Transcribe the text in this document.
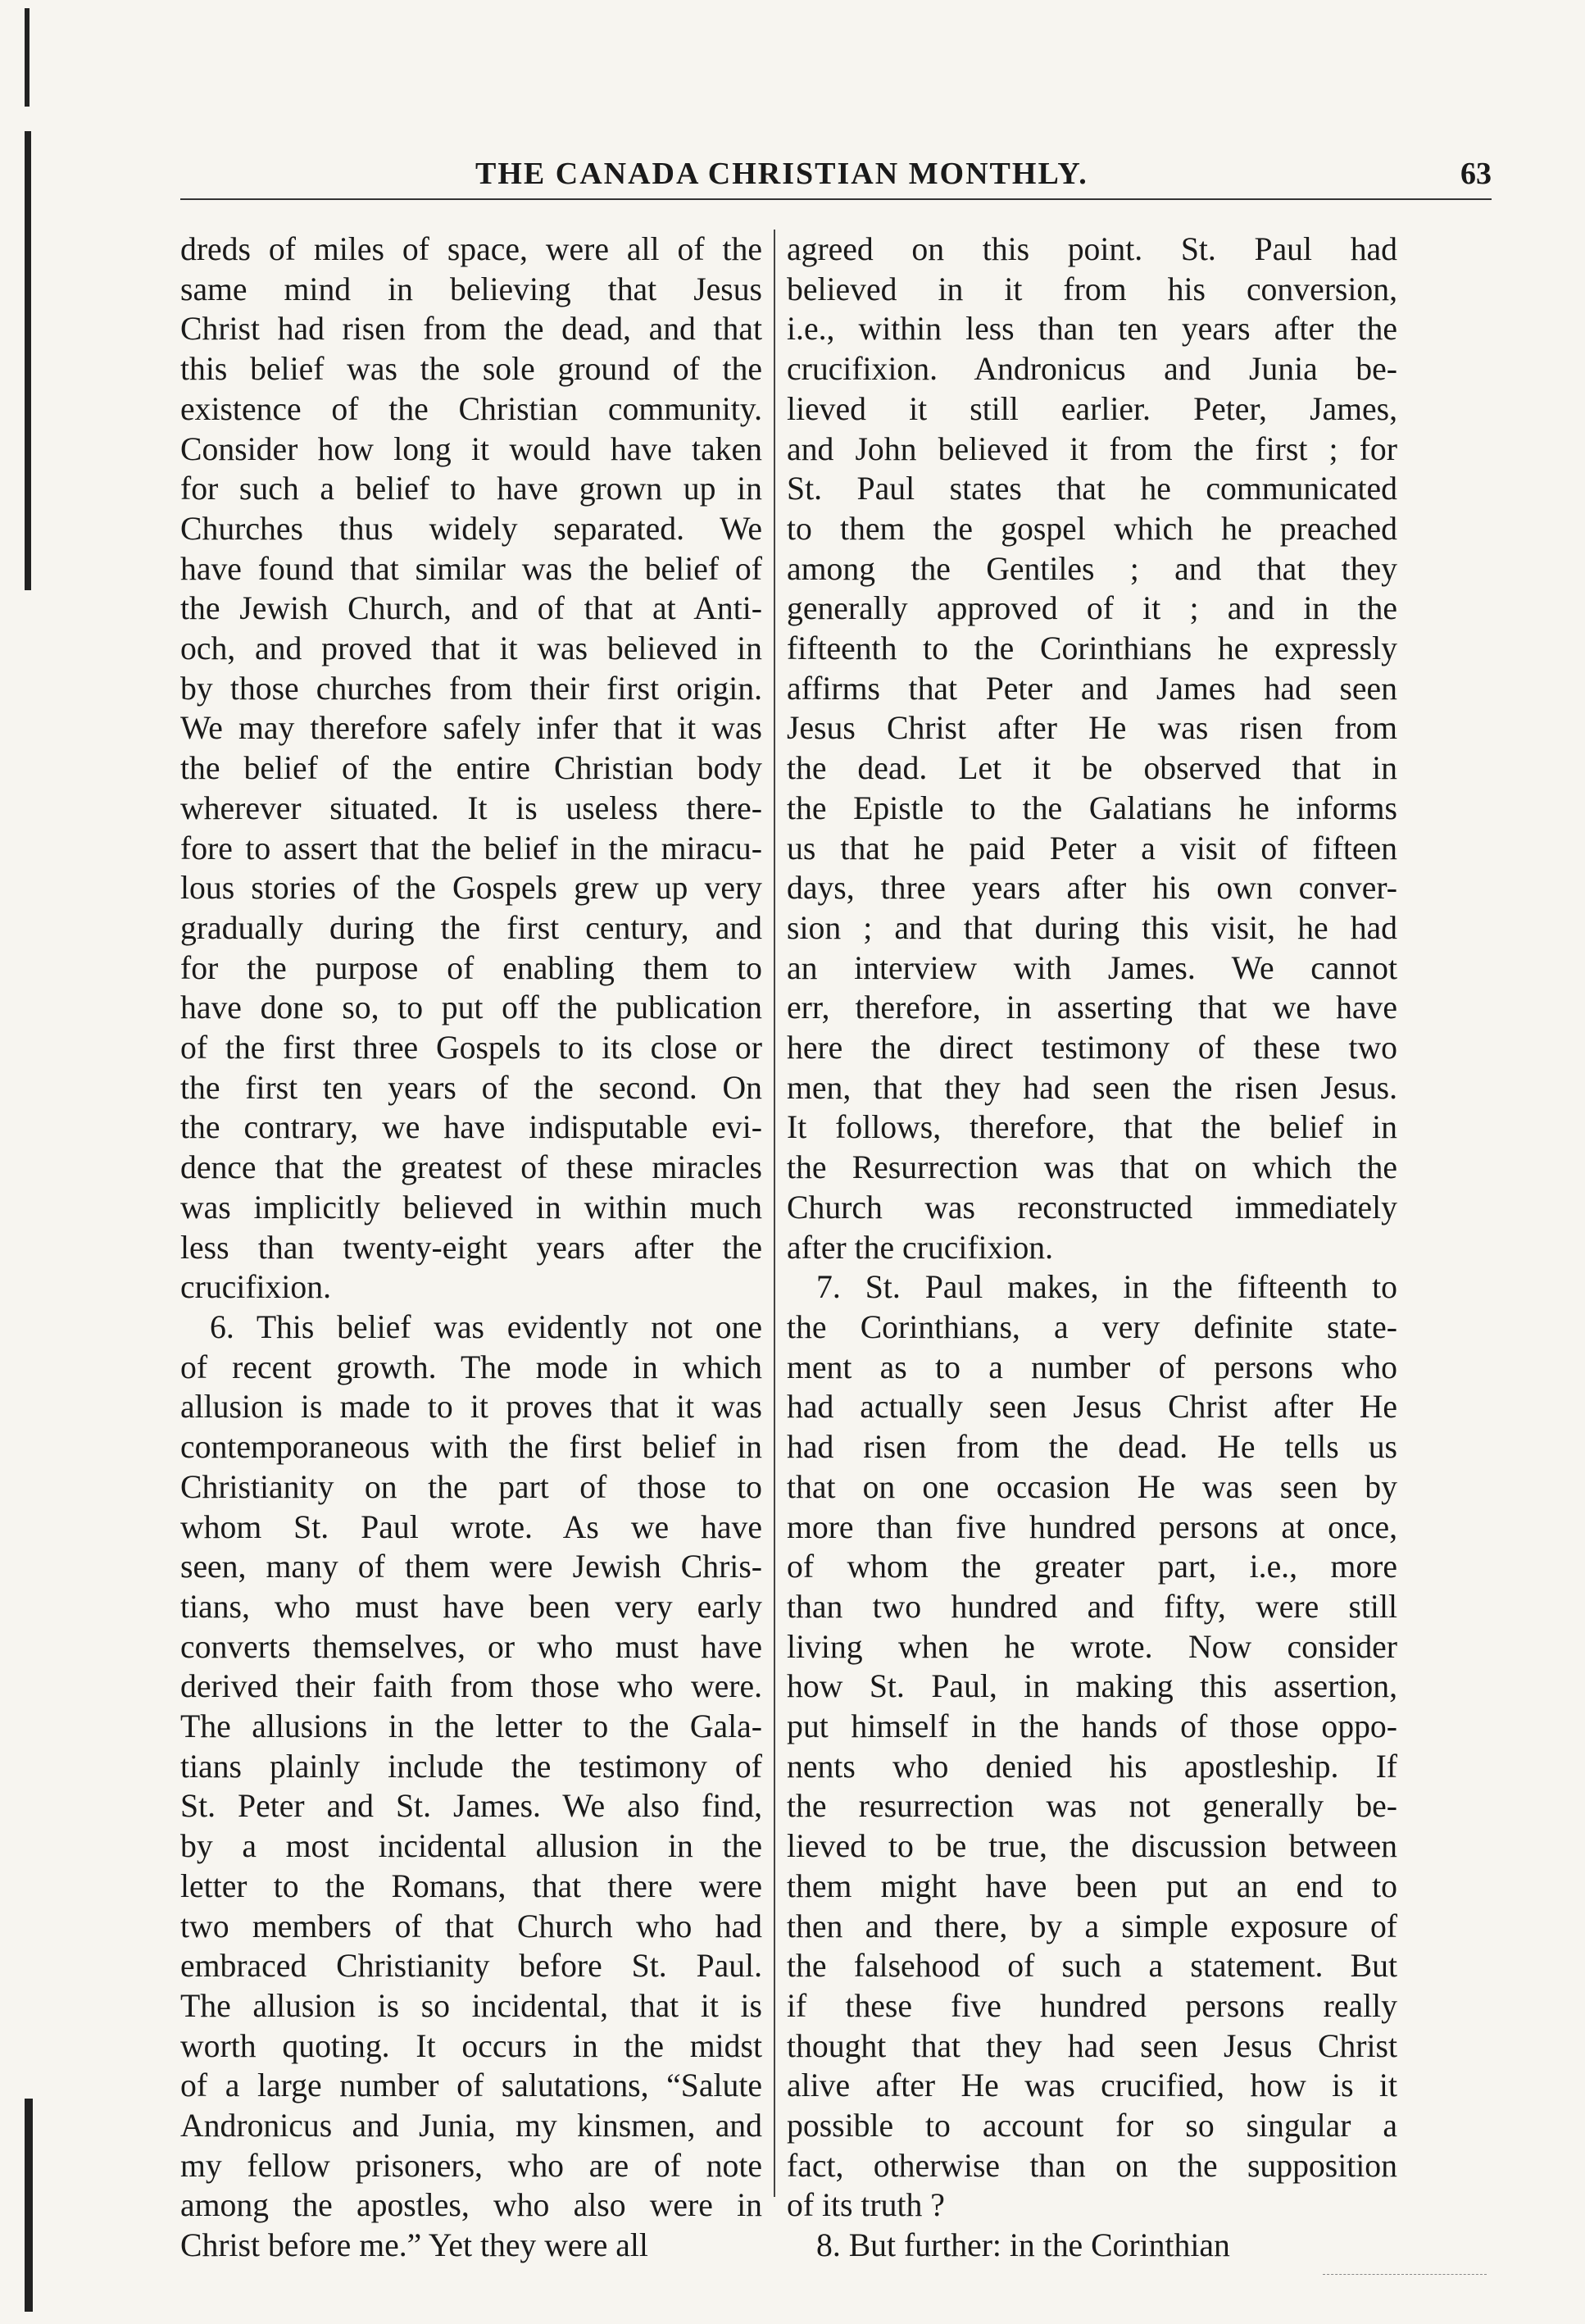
THE CANADA CHRISTIAN MONTHLY.	63
dreds of miles of space, were all of the
same mind in believing that Jesus
Christ had risen from the dead, and that
this belief was the sole ground of the
existence of the Christian community.
Consider how long it would have taken
for such a belief to have grown up in
Churches thus widely separated. We
have found that similar was the belief of
the Jewish Church, and of that at Anti-
och, and proved that it was believed in
by those churches from their first origin.
We may therefore safely infer that it was
the belief of the entire Christian body
wherever situated. It is useless there-
fore to assert that the belief in the miracu-
lous stories of the Gospels grew up very
gradually during the first century, and
for the purpose of enabling them to
have done so, to put off the publication
of the first three Gospels to its close or
the first ten years of the second. On
the contrary, we have indisputable evi-
dence that the greatest of these miracles
was implicitly believed in within much
less than twenty-eight years after the
crucifixion.
6. This belief was evidently not one
of recent growth. The mode in which
allusion is made to it proves that it was
contemporaneous with the first belief in
Christianity on the part of those to
whom St. Paul wrote. As we have
seen, many of them were Jewish Chris-
tians, who must have been very early
converts themselves, or who must have
derived their faith from those who were.
The allusions in the letter to the Gala-
tians plainly include the testimony of
St. Peter and St. James. We also find,
by a most incidental allusion in the
letter to the Romans, that there were
two members of that Church who had
embraced Christianity before St. Paul.
The allusion is so incidental, that it is
worth quoting. It occurs in the midst
of a large number of salutations, “Salute
Andronicus and Junia, my kinsmen, and
my fellow prisoners, who are of note
among the apostles, who also were in
Christ before me.” Yet they were all
agreed on this point. St. Paul had
believed in it from his conversion,
i.e., within less than ten years after the
crucifixion. Andronicus and Junia be-
lieved it still earlier. Peter, James,
and John believed it from the first ; for
St. Paul states that he communicated
to them the gospel which he preached
among the Gentiles ; and that they
generally approved of it ; and in the
fifteenth to the Corinthians he expressly
affirms that Peter and James had seen
Jesus Christ after He was risen from
the dead. Let it be observed that in
the Epistle to the Galatians he informs
us that he paid Peter a visit of fifteen
days, three years after his own conver-
sion ; and that during this visit, he had
an interview with James. We cannot
err, therefore, in asserting that we have
here the direct testimony of these two
men, that they had seen the risen Jesus.
It follows, therefore, that the belief in
the Resurrection was that on which the
Church was reconstructed immediately
after the crucifixion.
7. St. Paul makes, in the fifteenth to
the Corinthians, a very definite state-
ment as to a number of persons who
had actually seen Jesus Christ after He
had risen from the dead. He tells us
that on one occasion He was seen by
more than five hundred persons at once,
of whom the greater part, i.e., more
than two hundred and fifty, were still
living when he wrote. Now consider
how St. Paul, in making this assertion,
put himself in the hands of those oppo-
nents who denied his apostleship. If
the resurrection was not generally be-
lieved to be true, the discussion between
them might have been put an end to
then and there, by a simple exposure of
the falsehood of such a statement. But
if these five hundred persons really
thought that they had seen Jesus Christ
alive after He was crucified, how is it
possible to account for so singular a
fact, otherwise than on the supposition
of its truth ?
8. But further: in the Corinthian
